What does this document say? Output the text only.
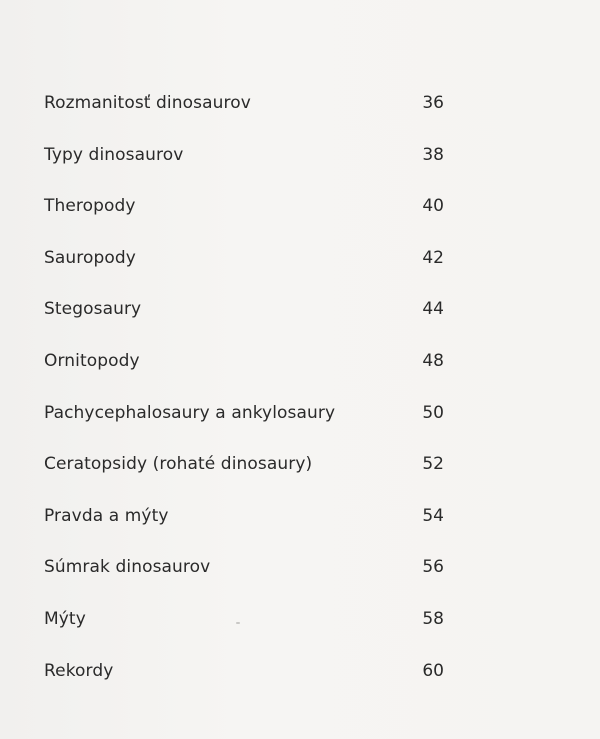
Rozmanitosť dinosaurov	36
Typy dinosaurov	38
Theropody	40
Sauropody	42
Stegosaury	44
Ornitopody	48
Pachycephalosaury a ankylosaury	50
Ceratopsidy (rohaté dinosaury)	52
Pravda a mýty	54
Súmrak dinosaurov	56
Mýty	58
Rekordy	60
